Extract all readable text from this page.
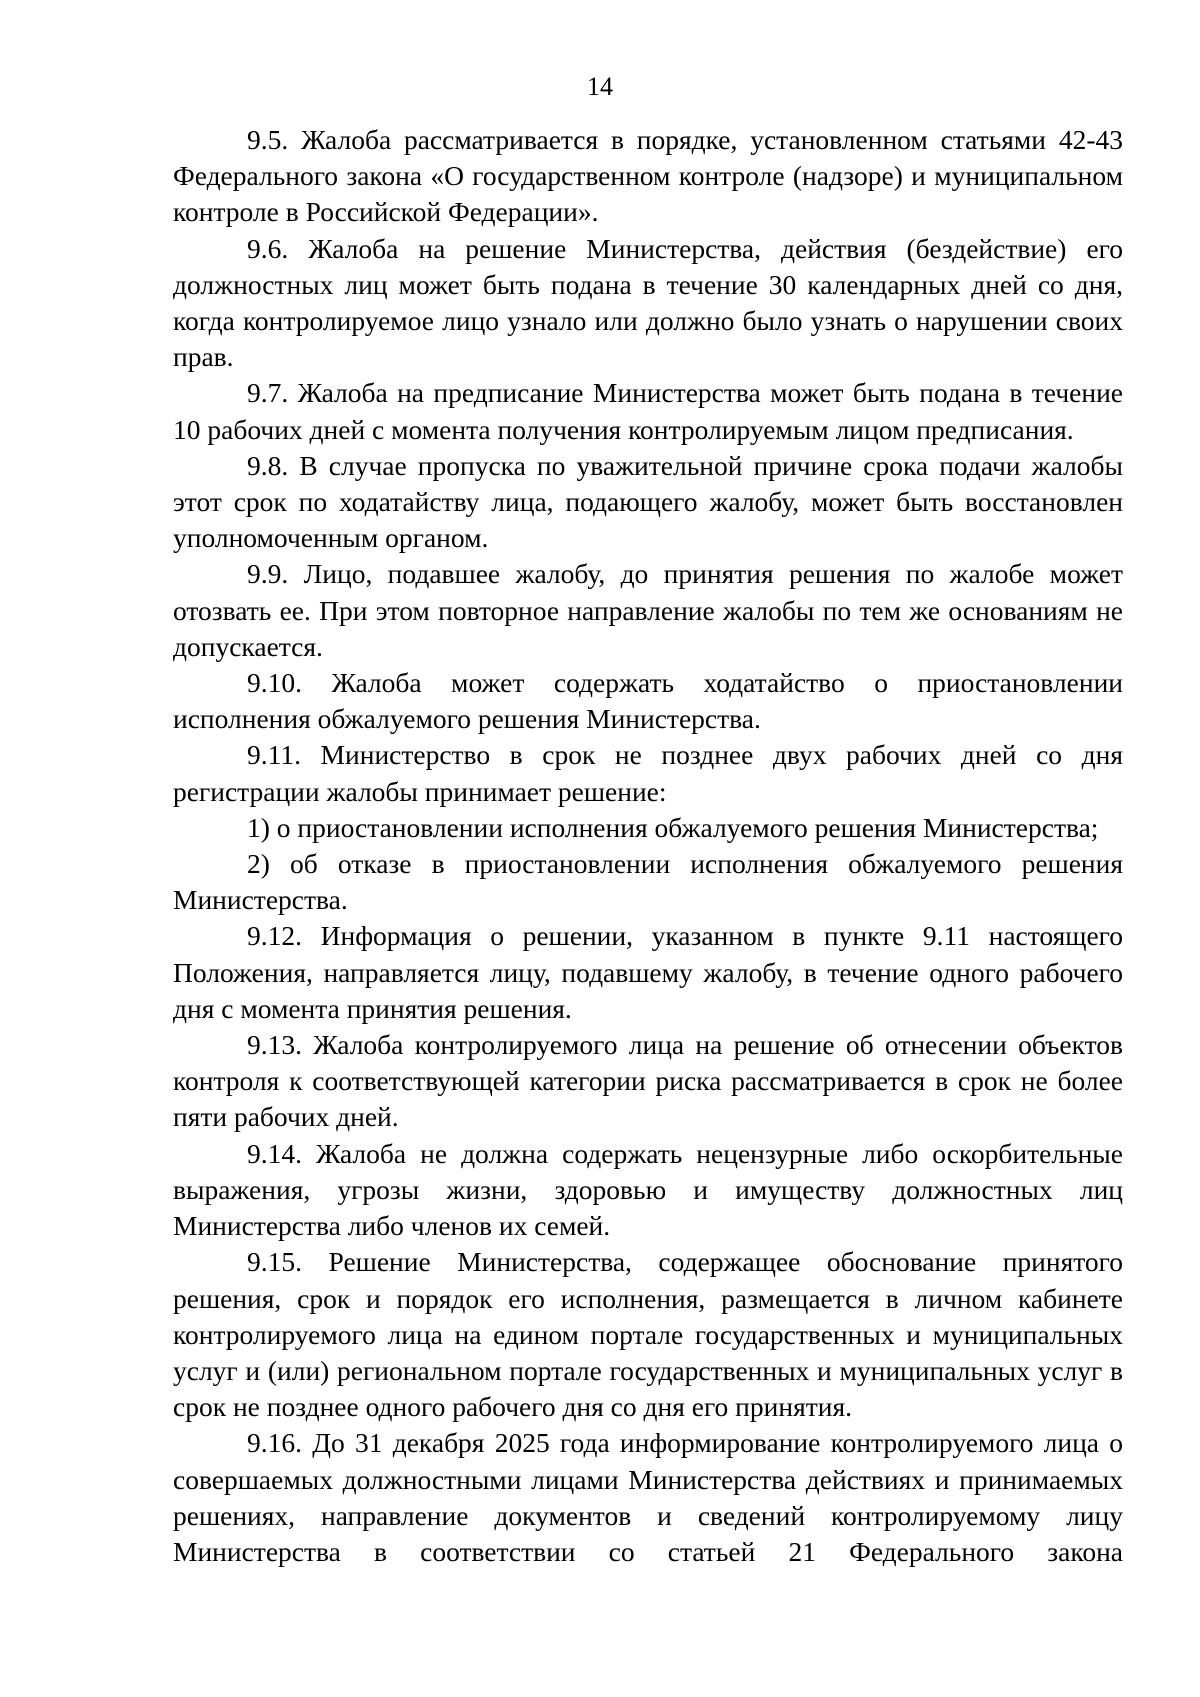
14

9.5. Жалоба рассматривается в порядке, установленном статьями 42-43 Федерального закона «О государственном контроле (надзоре) и муниципальном контроле в Российской Федерации».

9.6. Жалоба на решение Министерства, действия (бездействие) его должностных лиц может быть подана в течение 30 календарных дней со дня, когда контролируемое лицо узнало или должно было узнать о нарушении своих прав.

9.7. Жалоба на предписание Министерства может быть подана в течение 10 рабочих дней с момента получения контролируемым лицом предписания.

9.8. В случае пропуска по уважительной причине срока подачи жалобы этот срок по ходатайству лица, подающего жалобу, может быть восстановлен уполномоченным органом.

9.9. Лицо, подавшее жалобу, до принятия решения по жалобе может отозвать ее. При этом повторное направление жалобы по тем же основаниям не допускается.

9.10. Жалоба может содержать ходатайство о приостановлении исполнения обжалуемого решения Министерства.

9.11. Министерство в срок не позднее двух рабочих дней со дня регистрации жалобы принимает решение:

1) о приостановлении исполнения обжалуемого решения Министерства;

2) об отказе в приостановлении исполнения обжалуемого решения Министерства.

9.12. Информация о решении, указанном в пункте 9.11 настоящего Положения, направляется лицу, подавшему жалобу, в течение одного рабочего дня с момента принятия решения.

9.13. Жалоба контролируемого лица на решение об отнесении объектов контроля к соответствующей категории риска рассматривается в срок не более пяти рабочих дней.

9.14. Жалоба не должна содержать нецензурные либо оскорбительные выражения, угрозы жизни, здоровью и имуществу должностных лиц Министерства либо членов их семей.

9.15. Решение Министерства, содержащее обоснование принятого решения, срок и порядок его исполнения, размещается в личном кабинете контролируемого лица на едином портале государственных и муниципальных услуг и (или) региональном портале государственных и муниципальных услуг в срок не позднее одного рабочего дня со дня его принятия.

9.16. До 31 декабря 2025 года информирование контролируемого лица о совершаемых должностными лицами Министерства действиях и принимаемых решениях, направление документов и сведений контролируемому лицу Министерства в соответствии со статьей 21 Федерального закона
